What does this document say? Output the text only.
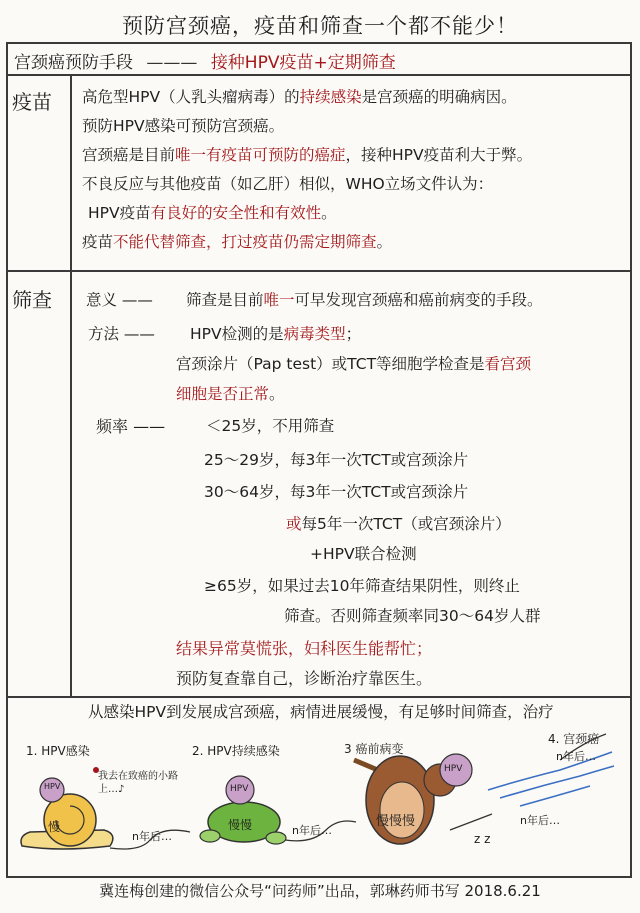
预防宫颈癌，疫苗和筛查一个都不能少！
宫颈癌预防手段 ——— 接种HPV疫苗+定期筛查
疫苗 高危型HPV（人乳头瘤病毒）的持续感染是宫颈癌的明确病因。
预防HPV感染可预防宫颈癌。
宫颈癌是目前唯一有疫苗可预防的癌症，接种HPV疫苗利大于弊。
不良反应与其他疫苗（如乙肝）相似，WHO立场文件认为：
HPV疫苗有良好的安全性和有效性。
疫苗不能代替筛查，打过疫苗仍需定期筛查。
筛查 意义 —— 筛查是目前唯一可早发现宫颈癌和癌前病变的手段。
方法 —— HPV检测的是病毒类型；
宫颈涂片（Pap test）或TCT等细胞学检查是看宫颈
细胞是否正常。
频率 ——	＜25岁，不用筛查
25～29岁，每3年一次TCT或宫颈涂片
30～64岁，每3年一次TCT或宫颈涂片
或每5年一次TCT（或宫颈涂片）
+HPV联合检测
≥65岁，如果过去10年筛查结果阴性，则终止
筛查。否则筛查频率同30～64岁人群
结果异常莫慌张，妇科医生能帮忙；
预防复查靠自己，诊断治疗靠医生。
从感染HPV到发展成宫颈癌，病情进展缓慢，有足够时间筛查，治疗
1. HPV感染	2. HPV持续感染	3 癌前病变
4. 宫颈癌
我去在致癌的小路上…♪
慢
HPV
慢慢
HPV
慢慢慢
HPV
n年后…	n年后…
n年后…
n年后…
z z
冀连梅创建的微信公众号“问药师”出品，郭琳药师书写 2018.6.21
